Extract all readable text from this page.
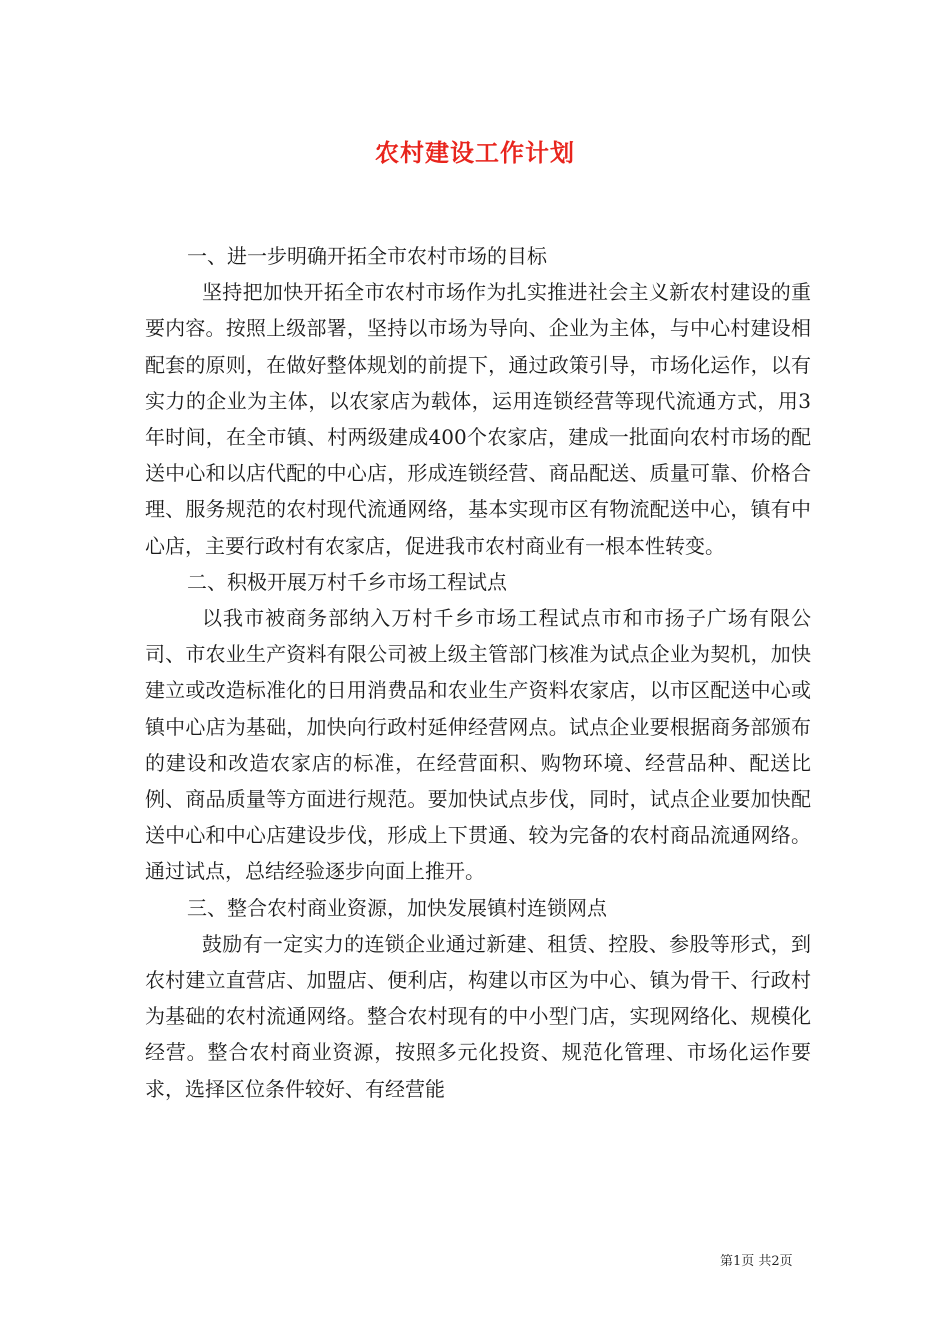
农村建设工作计划

一、进一步明确开拓全市农村市场的目标

坚持把加快开拓全市农村市场作为扎实推进社会主义新农村建设的重要内容。按照上级部署，坚持以市场为导向、企业为主体，与中心村建设相配套的原则，在做好整体规划的前提下，通过政策引导，市场化运作，以有实力的企业为主体，以农家店为载体，运用连锁经营等现代流通方式，用3年时间，在全市镇、村两级建成400个农家店，建成一批面向农村市场的配送中心和以店代配的中心店，形成连锁经营、商品配送、质量可靠、价格合理、服务规范的农村现代流通网络，基本实现市区有物流配送中心，镇有中心店，主要行政村有农家店，促进我市农村商业有一根本性转变。

二、积极开展万村千乡市场工程试点

以我市被商务部纳入万村千乡市场工程试点市和市扬子广场有限公司、市农业生产资料有限公司被上级主管部门核准为试点企业为契机，加快建立或改造标准化的日用消费品和农业生产资料农家店，以市区配送中心或镇中心店为基础，加快向行政村延伸经营网点。试点企业要根据商务部颁布的建设和改造农家店的标准，在经营面积、购物环境、经营品种、配送比例、商品质量等方面进行规范。要加快试点步伐，同时，试点企业要加快配送中心和中心店建设步伐，形成上下贯通、较为完备的农村商品流通网络。通过试点，总结经验逐步向面上推开。

三、整合农村商业资源，加快发展镇村连锁网点

鼓励有一定实力的连锁企业通过新建、租赁、控股、参股等形式，到农村建立直营店、加盟店、便利店，构建以市区为中心、镇为骨干、行政村为基础的农村流通网络。整合农村现有的中小型门店，实现网络化、规模化经营。整合农村商业资源，按照多元化投资、规范化管理、市场化运作要求，选择区位条件较好、有经营能

第1页 共2页
